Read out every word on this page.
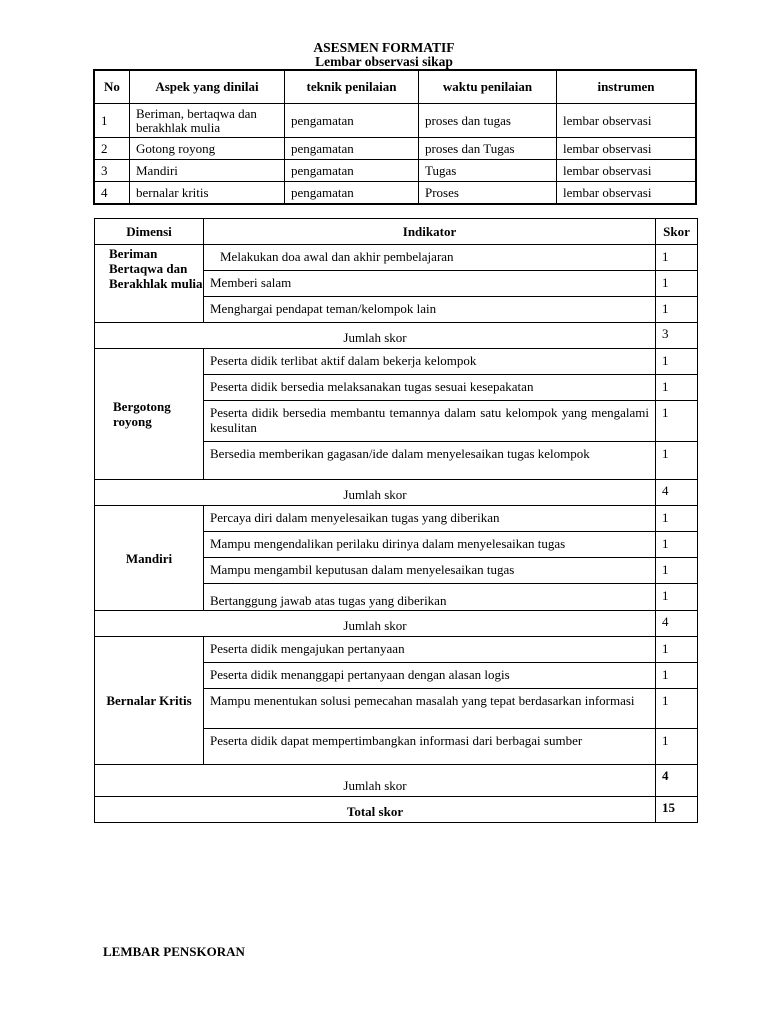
ASESMEN FORMATIF
Lembar observasi sikap
No	Aspek yang dinilai	teknik penilaian	waktu penilaian	instrumen
1	Beriman, bertaqwa dan berakhlak mulia	pengamatan	proses dan tugas	lembar observasi
2	Gotong royong	pengamatan	proses dan Tugas	lembar observasi
3	Mandiri	pengamatan	Tugas	lembar observasi
4	bernalar kritis	pengamatan	Proses	lembar observasi
Dimensi	Indikator	Skor
Beriman Bertaqwa dan Berakhlak mulia	Melakukan doa awal dan akhir pembelajaran	1
	Memberi salam	1
	Menghargai pendapat teman/kelompok lain	1
Jumlah skor		3
Bergotong royong	Peserta didik terlibat aktif dalam bekerja kelompok	1
	Peserta didik bersedia melaksanakan tugas sesuai kesepakatan	1
	Peserta didik bersedia membantu temannya dalam satu kelompok yang mengalami kesulitan	1
	Bersedia memberikan gagasan/ide dalam menyelesaikan tugas kelompok	1
Jumlah skor		4
Mandiri	Percaya diri dalam menyelesaikan tugas yang diberikan	1
	Mampu mengendalikan perilaku dirinya dalam menyelesaikan tugas	1
	Mampu mengambil keputusan dalam menyelesaikan tugas	1
	Bertanggung jawab atas tugas yang diberikan	1
Jumlah skor		4
Bernalar Kritis	Peserta didik mengajukan pertanyaan	1
	Peserta didik menanggapi pertanyaan dengan alasan logis	1
	Mampu menentukan solusi pemecahan masalah yang tepat berdasarkan informasi	1
	Peserta didik dapat mempertimbangkan informasi dari berbagai sumber	1
Jumlah skor		4
Total skor		15
LEMBAR PENSKORAN
